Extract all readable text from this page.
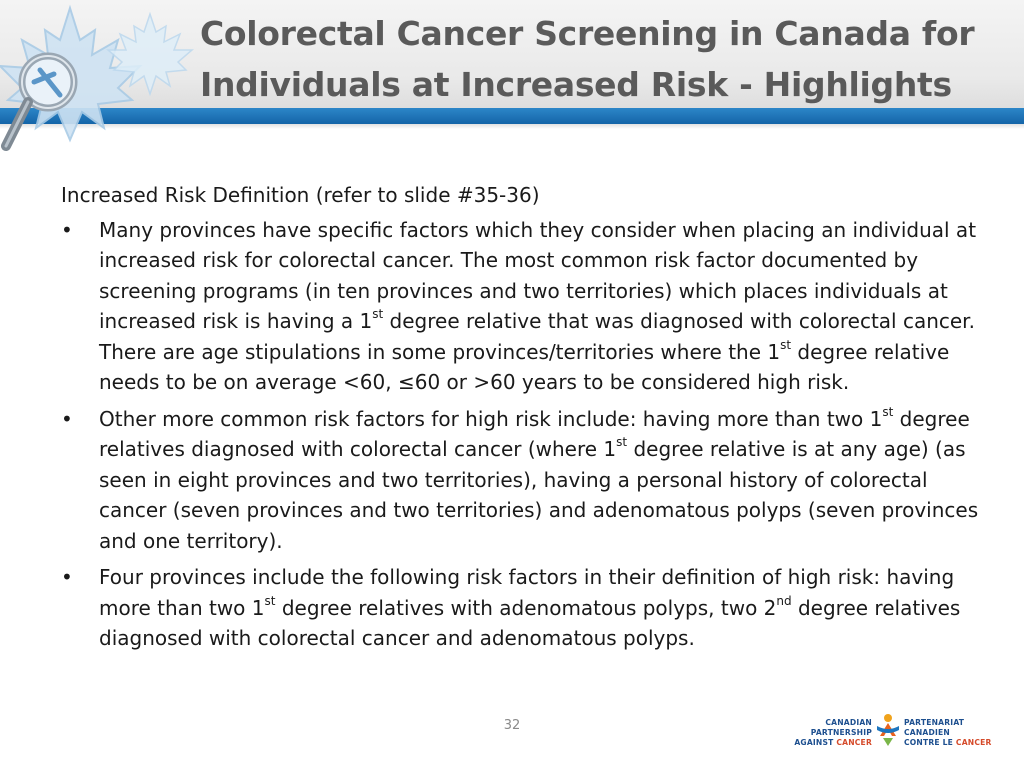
Colorectal Cancer Screening in Canada for
Individuals at Increased Risk - Highlights
Increased Risk Definition (refer to slide #35-36)
• Many provinces have specific factors which they consider when placing an individual at increased risk for colorectal cancer. The most common risk factor documented by screening programs (in ten provinces and two territories) which places individuals at increased risk is having a 1st degree relative that was diagnosed with colorectal cancer. There are age stipulations in some provinces/territories where the 1st degree relative needs to be on average <60, ≤60 or >60 years to be considered high risk.
• Other more common risk factors for high risk include: having more than two 1st degree relatives diagnosed with colorectal cancer (where 1st degree relative is at any age) (as seen in eight provinces and two territories), having a personal history of colorectal cancer (seven provinces and two territories) and adenomatous polyps (seven provinces and one territory).
• Four provinces include the following risk factors in their definition of high risk: having more than two 1st degree relatives with adenomatous polyps, two 2nd degree relatives diagnosed with colorectal cancer and adenomatous polyps.
32	CANADIAN PARTNERSHIP
AGAINST CANCER
PARTENARIAT CANADIEN
CONTRE LE CANCER
